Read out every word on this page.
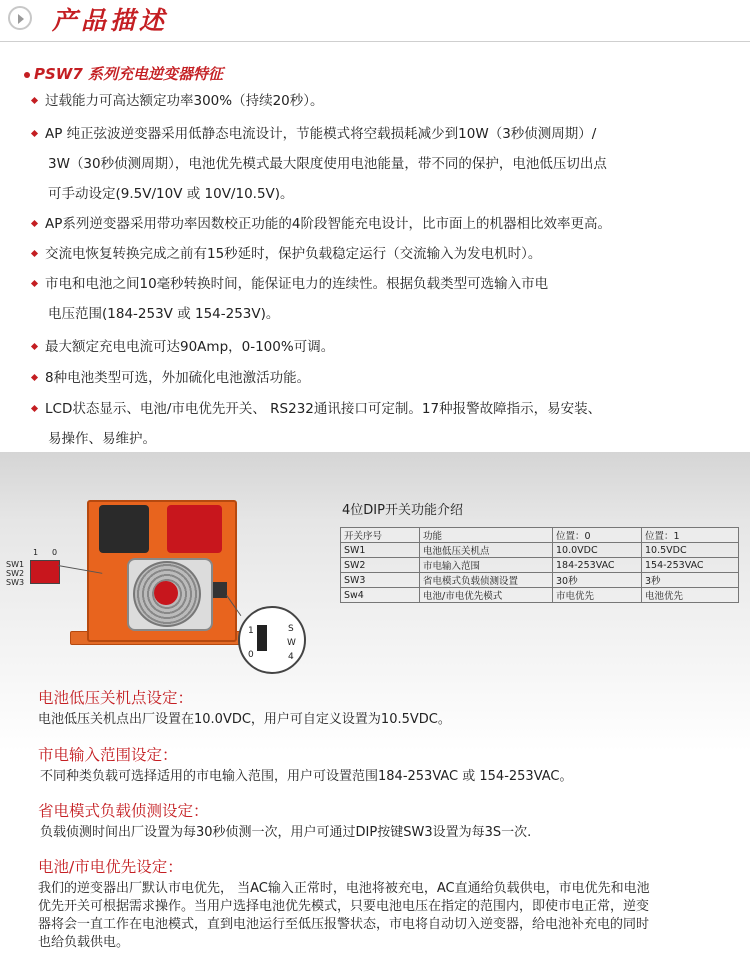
产品描述
PSW7 系列充电逆变器特征
过载能力可高达额定功率300%（持续20秒）。
AP 纯正弦波逆变器采用低静态电流设计，节能模式将空载损耗减少到10W（3秒侦测周期）/
3W（30秒侦测周期），电池优先模式最大限度使用电池能量，带不同的保护，电池低压切出点
可手动设定(9.5V/10V 或 10V/10.5V)。
AP系列逆变器采用带功率因数校正功能的4阶段智能充电设计，比市面上的机器相比效率更高。
交流电恢复转换完成之前有15秒延时，保护负载稳定运行（交流输入为发电机时）。
市电和电池之间10毫秒转换时间，能保证电力的连续性。根据负载类型可选输入市电
电压范围(184-253V 或 154-253V)。
最大额定充电电流可达90Amp，0-100%可调。
8种电池类型可选，外加硫化电池激活功能。
LCD状态显示、电池/市电优先开关、 RS232通讯接口可定制。17种报警故障指示，易安装、
易操作、易维护。
1 0
SW1
SW2
SW3
1
0
S
W
4
4位DIP开关功能介绍
开关序号	功能	位置：0	位置：1
SW1	电池低压关机点	10.0VDC	10.5VDC
SW2	市电输入范围	184-253VAC	154-253VAC
SW3	省电模式负载侦测设置	30秒	3秒
Sw4	电池/市电优先模式	市电优先	电池优先
电池低压关机点设定：
电池低压关机点出厂设置在10.0VDC，用户可自定义设置为10.5VDC。
市电输入范围设定：
不同种类负载可选择适用的市电输入范围，用户可设置范围184-253VAC 或 154-253VAC。
省电模式负载侦测设定：
负载侦测时间出厂设置为每30秒侦测一次，用户可通过DIP按键SW3设置为每3S一次.
电池/市电优先设定：
我们的逆变器出厂默认市电优先， 当AC输入正常时，电池将被充电，AC直通给负载供电，市电优先和电池
优先开关可根据需求操作。当用户选择电池优先模式，只要电池电压在指定的范围内，即使市电正常，逆变
器将会一直工作在电池模式，直到电池运行至低压报警状态，市电将自动切入逆变器，给电池补充电的同时
也给负载供电。
